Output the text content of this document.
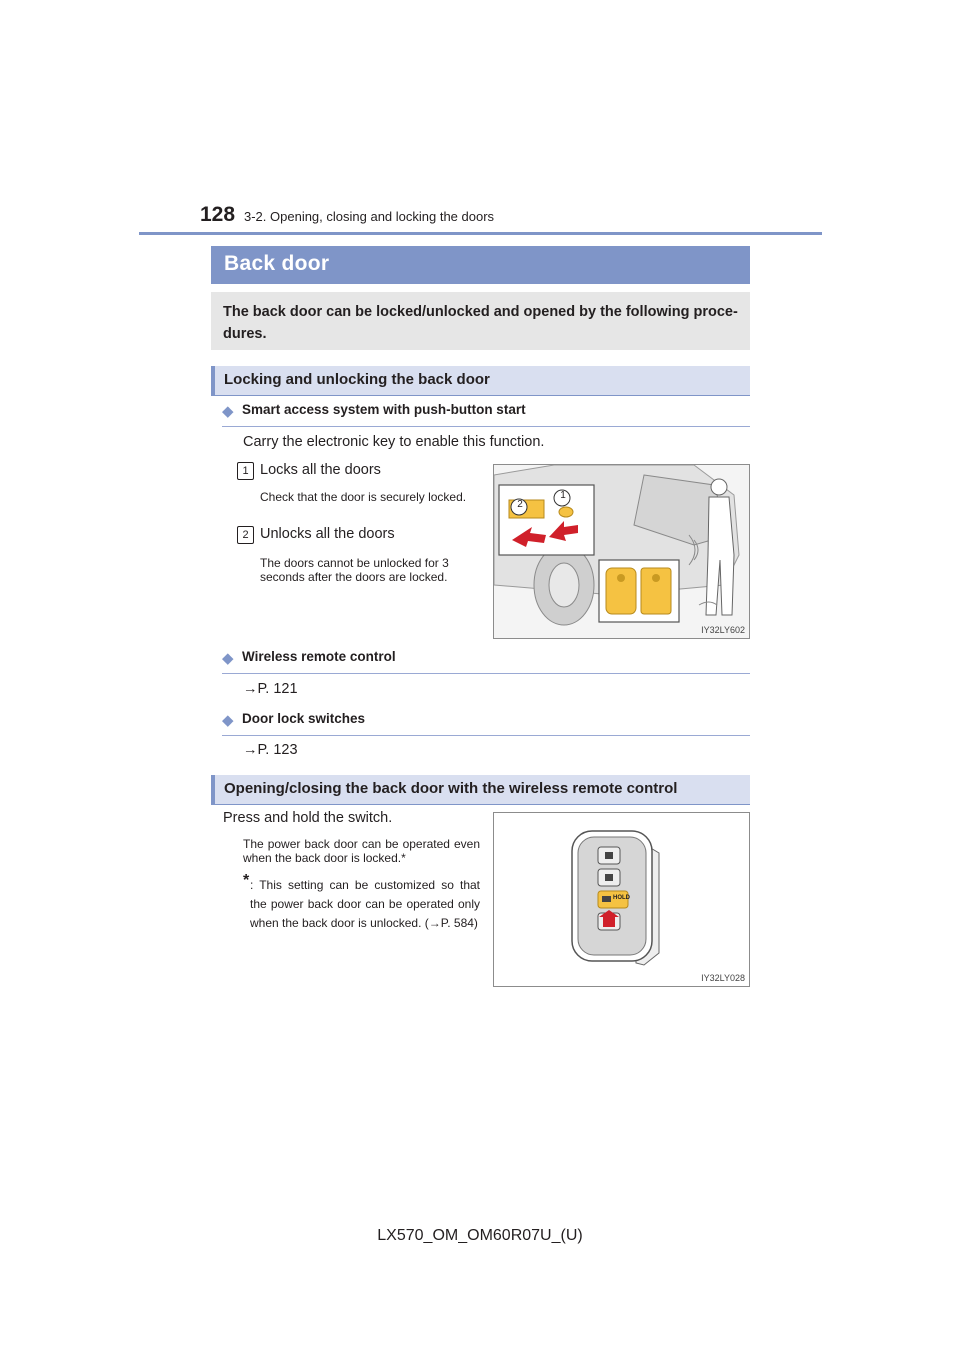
128 3-2. Opening, closing and locking the doors
Back door
The back door can be locked/unlocked and opened by the following proce- dures.
Locking and unlocking the back door
◆ Smart access system with push-button start
Carry the electronic key to enable this function.
1 Locks all the doors
Check that the door is securely locked.
2 Unlocks all the doors
The doors cannot be unlocked for 3 seconds after the doors are locked.
2
1
IY32LY602
◆ Wireless remote control
→P. 121
◆ Door lock switches
→P. 123
Opening/closing the back door with the wireless remote control
Press and hold the switch.
The power back door can be operated even when the back door is locked.*
* : This setting can be customized so that the power back door can be operated only when the back door is unlocked. (→P. 584)
HOLD
IY32LY028
LX570_OM_OM60R07U_(U)
